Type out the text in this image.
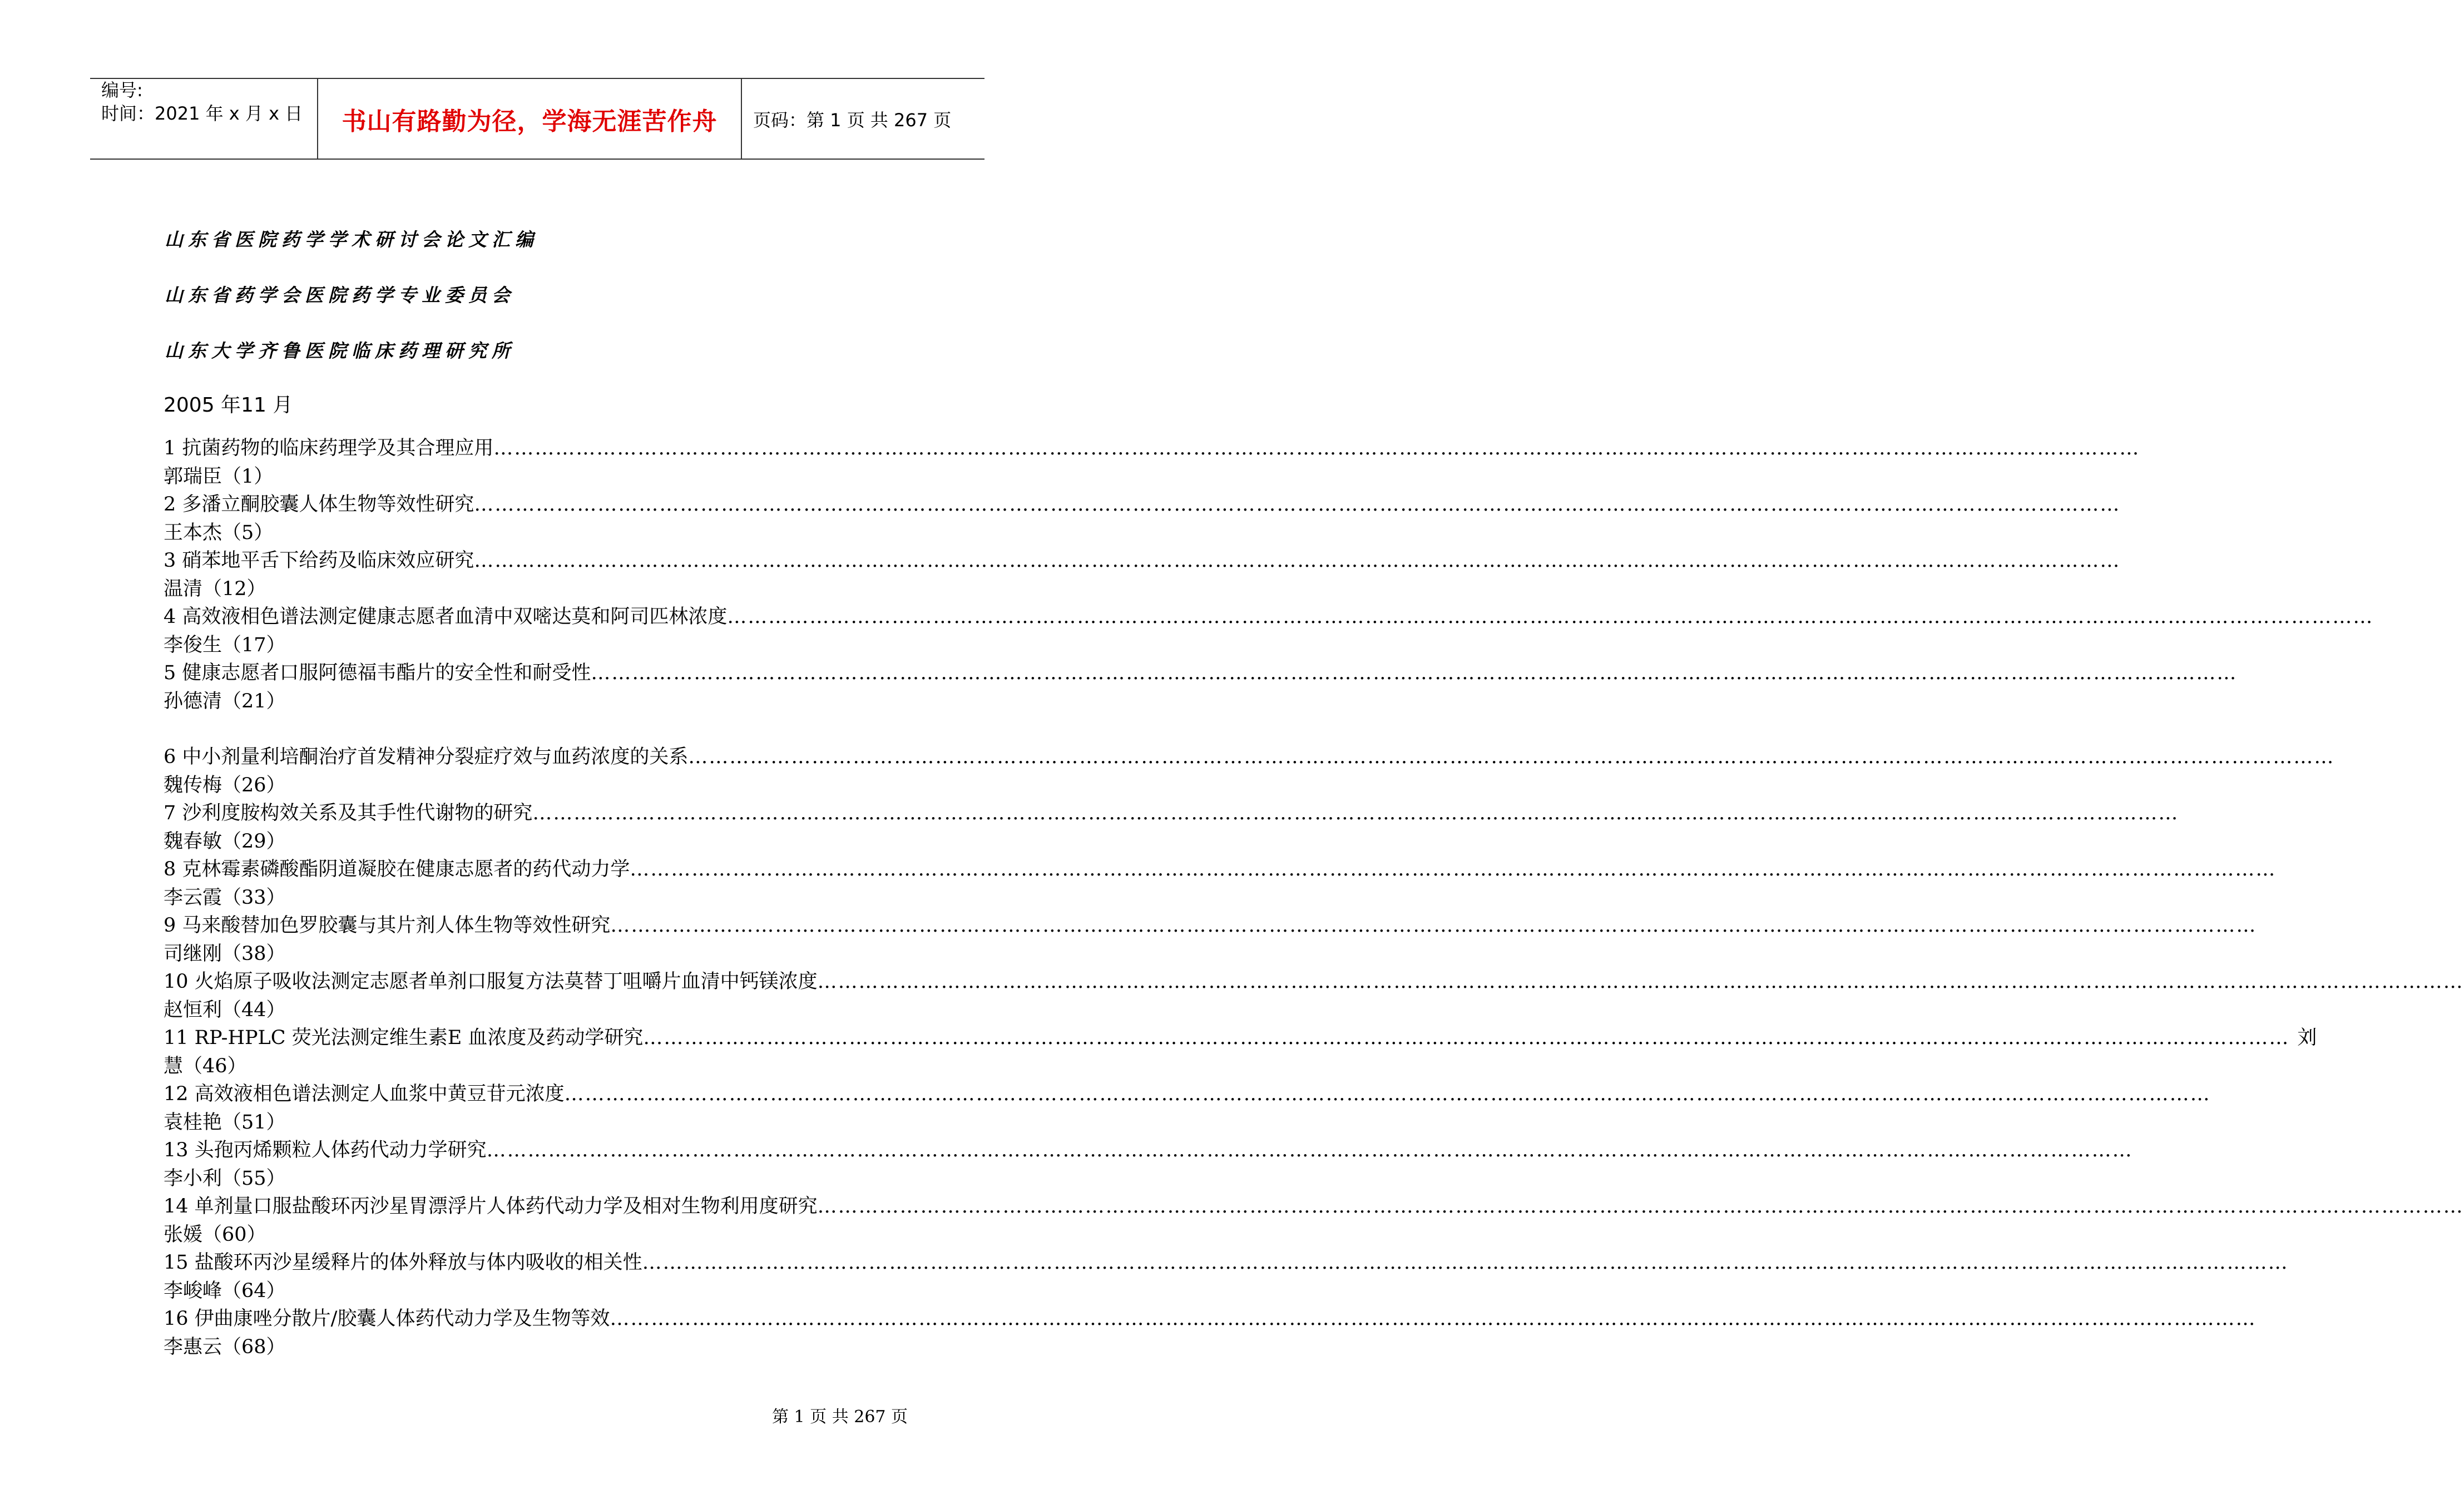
编号:
时间：2021 年 x 月 x 日 书山有路勤为径，学海无涯苦作舟 页码：第 1 页 共 267 页
山东省医院药学学术研讨会论文汇编
山东省药学会医院药学专业委员会
山东大学齐鲁医院临床药理研究所
2005 年11 月
1 抗菌药物的临床药理学及其合理应用 ……………………………………………………………………………………………………………………………………………………………………………………………………………………
郭瑞臣（1）
2 多潘立酮胶囊人体生物等效性研究 ……………………………………………………………………………………………………………………………………………………………………………………………………………………
王本杰（5）
3 硝苯地平舌下给药及临床效应研究 ……………………………………………………………………………………………………………………………………………………………………………………………………………………
温清（12）
4 高效液相色谱法测定健康志愿者血清中双嘧达莫和阿司匹林浓度 ……………………………………………………………………………………………………………………………………………………………………………………………………………………
李俊生（17）
5 健康志愿者口服阿德福韦酯片的安全性和耐受性 ……………………………………………………………………………………………………………………………………………………………………………………………………………………
孙德清（21）
6 中小剂量利培酮治疗首发精神分裂症疗效与血药浓度的关系 ……………………………………………………………………………………………………………………………………………………………………………………………………………………
魏传梅（26）
7 沙利度胺构效关系及其手性代谢物的研究 ……………………………………………………………………………………………………………………………………………………………………………………………………………………
魏春敏（29）
8 克林霉素磷酸酯阴道凝胶在健康志愿者的药代动力学 ……………………………………………………………………………………………………………………………………………………………………………………………………………………
李云霞（33）
9 马来酸替加色罗胶囊与其片剂人体生物等效性研究 ……………………………………………………………………………………………………………………………………………………………………………………………………………………
司继刚（38）
10 火焰原子吸收法测定志愿者单剂口服复方法莫替丁咀嚼片血清中钙镁浓度 ……………………………………………………………………………………………………………………………………………………………………………………………………………………
赵恒利（44）
11 RP-HPLC 荧光法测定维生素E 血浓度及药动学研究 …………………………………………………………………………………………………………………………………………………………………………………………………………………… 刘
慧（46）
12 高效液相色谱法测定人血浆中黄豆苷元浓度 ……………………………………………………………………………………………………………………………………………………………………………………………………………………
袁桂艳（51）
13 头孢丙烯颗粒人体药代动力学研究 ……………………………………………………………………………………………………………………………………………………………………………………………………………………
李小利（55）
14 单剂量口服盐酸环丙沙星胃漂浮片人体药代动力学及相对生物利用度研究 ……………………………………………………………………………………………………………………………………………………………………………………………………………………
张媛（60）
15 盐酸环丙沙星缓释片的体外释放与体内吸收的相关性 ……………………………………………………………………………………………………………………………………………………………………………………………………………………
李峻峰（64）
16 伊曲康唑分散片/胶囊人体药代动力学及生物等效 ……………………………………………………………………………………………………………………………………………………………………………………………………………………
李惠云（68）
第 1 页 共 267 页
